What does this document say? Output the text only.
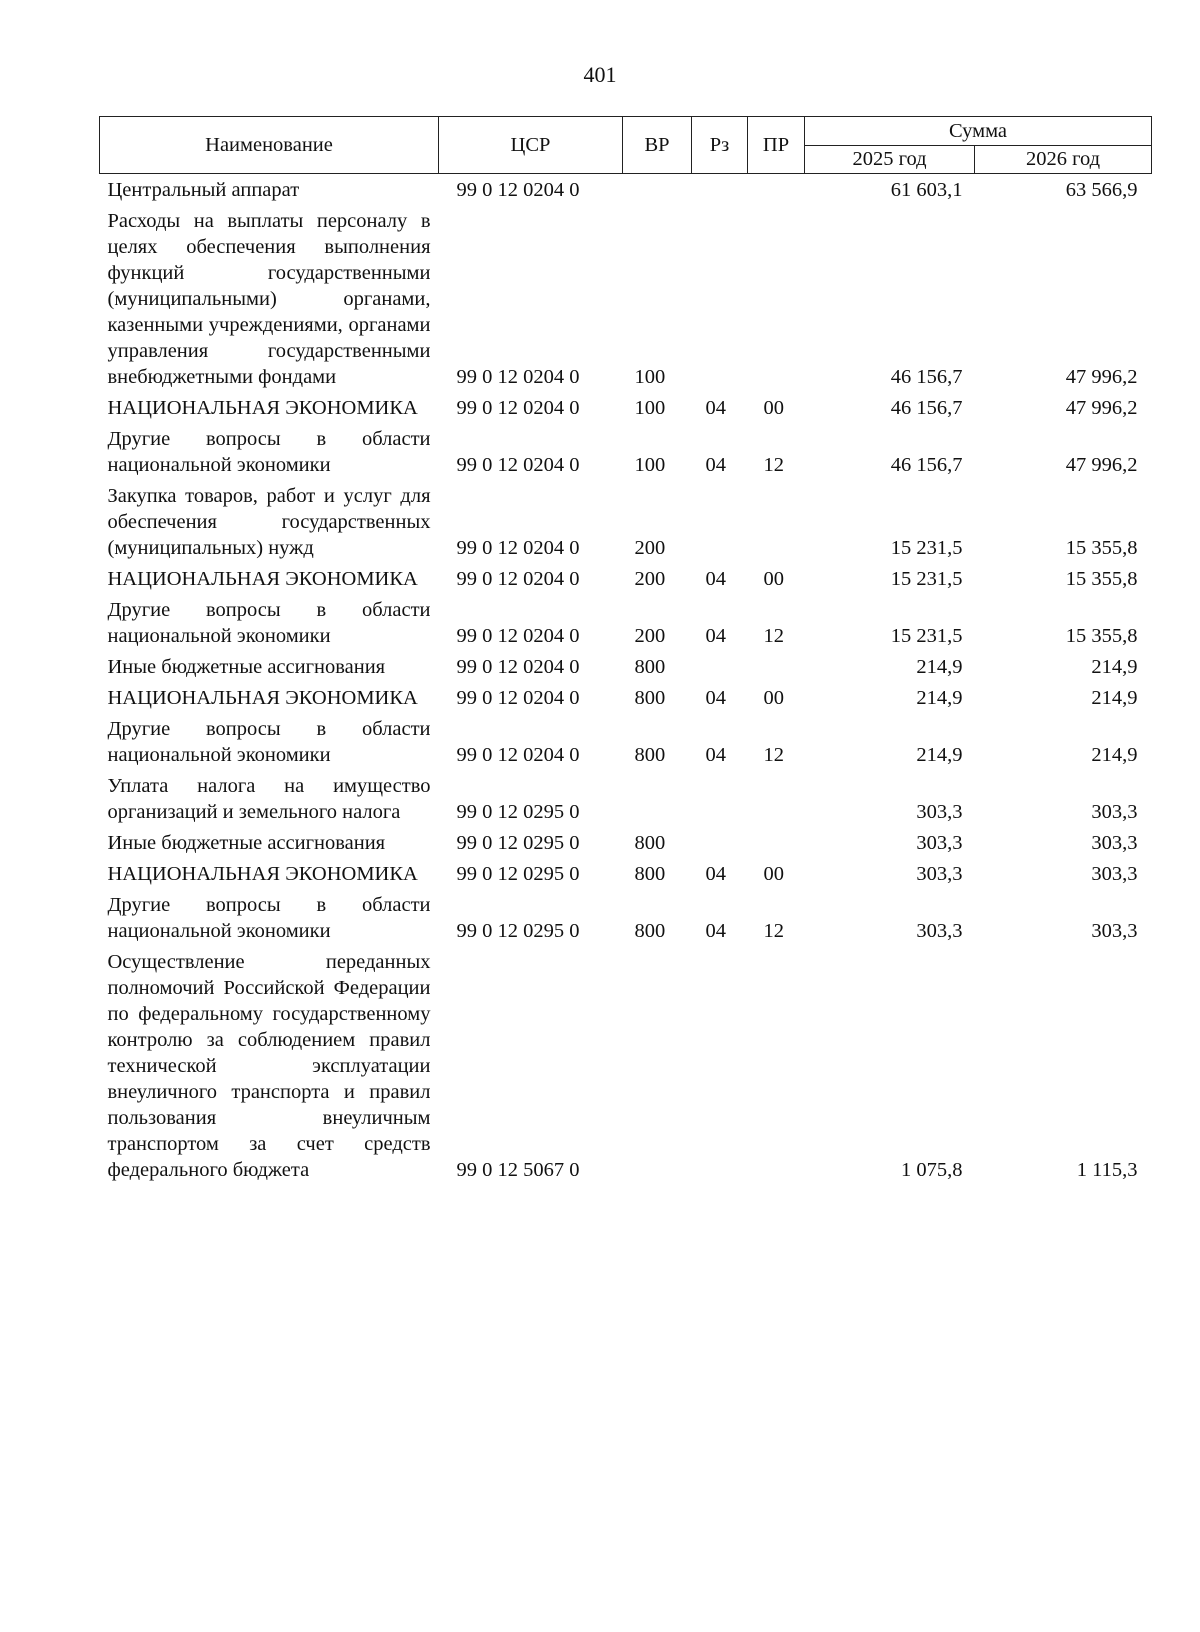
401
Наименование	ЦСР	ВР	Рз	ПР	Сумма	
					2025 год	2026 год
Центральный аппарат	99 0 12 0204 0				61 603,1	63 566,9
Расходы на выплаты персоналу в целях обеспечения выполнения функций государственными (муниципальными) органами, казенными учреждениями, органами управления государственными внебюджетными фондами	99 0 12 0204 0	100			46 156,7	47 996,2
НАЦИОНАЛЬНАЯ ЭКОНОМИКА	99 0 12 0204 0	100	04	00	46 156,7	47 996,2
Другие вопросы в области национальной экономики	99 0 12 0204 0	100	04	12	46 156,7	47 996,2
Закупка товаров, работ и услуг для обеспечения государственных (муниципальных) нужд	99 0 12 0204 0	200			15 231,5	15 355,8
НАЦИОНАЛЬНАЯ ЭКОНОМИКА	99 0 12 0204 0	200	04	00	15 231,5	15 355,8
Другие вопросы в области национальной экономики	99 0 12 0204 0	200	04	12	15 231,5	15 355,8
Иные бюджетные ассигнования	99 0 12 0204 0	800			214,9	214,9
НАЦИОНАЛЬНАЯ ЭКОНОМИКА	99 0 12 0204 0	800	04	00	214,9	214,9
Другие вопросы в области национальной экономики	99 0 12 0204 0	800	04	12	214,9	214,9
Уплата налога на имущество организаций и земельного налога	99 0 12 0295 0				303,3	303,3
Иные бюджетные ассигнования	99 0 12 0295 0	800			303,3	303,3
НАЦИОНАЛЬНАЯ ЭКОНОМИКА	99 0 12 0295 0	800	04	00	303,3	303,3
Другие вопросы в области национальной экономики	99 0 12 0295 0	800	04	12	303,3	303,3
Осуществление переданных полномочий Российской Федерации по федеральному государственному контролю за соблюдением правил технической эксплуатации внеуличного транспорта и правил пользования внеуличным транспортом за счет средств федерального бюджета	99 0 12 5067 0				1 075,8	1 115,3
